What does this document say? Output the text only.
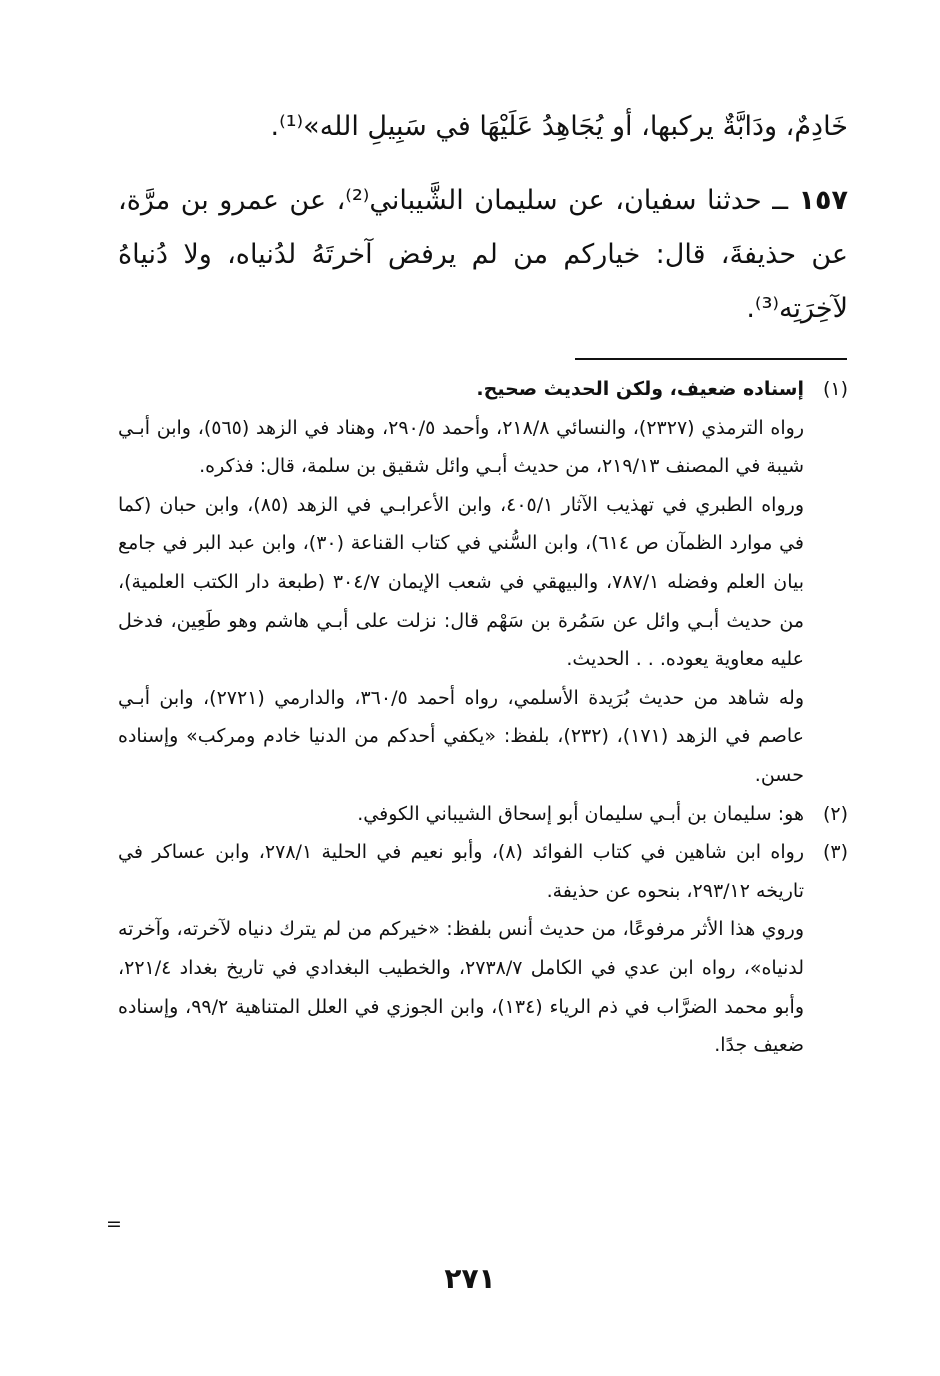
خَادِمٌ، ودَابَّةٌ يركبها، أو يُجَاهِدُ عَلَيْهَا في سَبِيلِ الله»⁽¹⁾.

١٥٧ ــ حدثنا سفيان، عن سليمان الشَّيباني⁽²⁾، عن عمرو بن مرَّة، عن حذيفةَ، قال: خياركم من لم يرفض آخرتَهُ لدُنياه، ولا دُنياهُ لآخِرَتِه⁽³⁾.

(١)

إسناده ضعيف، ولكن الحديث صحيح.

رواه الترمذي (٢٣٢٧)، والنسائي ٢١٨/٨، وأحمد ٢٩٠/٥، وهناد في الزهد (٥٦٥)، وابن أبـي شيبة في المصنف ٢١٩/١٣، من حديث أبـي وائل شقيق بن سلمة، قال: فذكره.

ورواه الطبري في تهذيب الآثار ٤٠٥/١، وابن الأعرابـي في الزهد (٨٥)، وابن حبان (كما في موارد الظمآن ص ٦١٤)، وابن السُّني في كتاب القناعة (٣٠)، وابن عبد البر في جامع بيان العلم وفضله ٧٨٧/١، والبيهقي في شعب الإيمان ٣٠٤/٧ (طبعة دار الكتب العلمية)، من حديث أبـي وائل عن سَمُرة بن سَهْم قال: نزلت على أبـي هاشم وهو طَعِين، فدخل عليه معاوية يعوده. . . الحديث.

وله شاهد من حديث بُرَيدة الأسلمي، رواه أحمد ٣٦٠/٥، والدارمي (٢٧٢١)، وابن أبـي عاصم في الزهد (١٧١)، (٢٣٢)، بلفظ: «يكفي أحدكم من الدنيا خادم ومركب» وإسناده حسن.

(٢)

هو: سليمان بن أبـي سليمان أبو إسحاق الشيباني الكوفي.

(٣)

رواه ابن شاهين في كتاب الفوائد (٨)، وأبو نعيم في الحلية ٢٧٨/١، وابن عساكر في تاريخه ٢٩٣/١٢، بنحوه عن حذيفة.

وروي هذا الأثر مرفوعًا، من حديث أنس بلفظ: «خيركم من لم يترك دنياه لآخرته، وآخرته لدنياه»، رواه ابن عدي في الكامل ٢٧٣٨/٧، والخطيب البغدادي في تاريخ بغداد ٢٢١/٤، وأبو محمد الضرَّاب في ذم الرياء (١٣٤)، وابن الجوزي في العلل المتناهية ٩٩/٢، وإسناده ضعيف جدًا.

=
٢٧١
